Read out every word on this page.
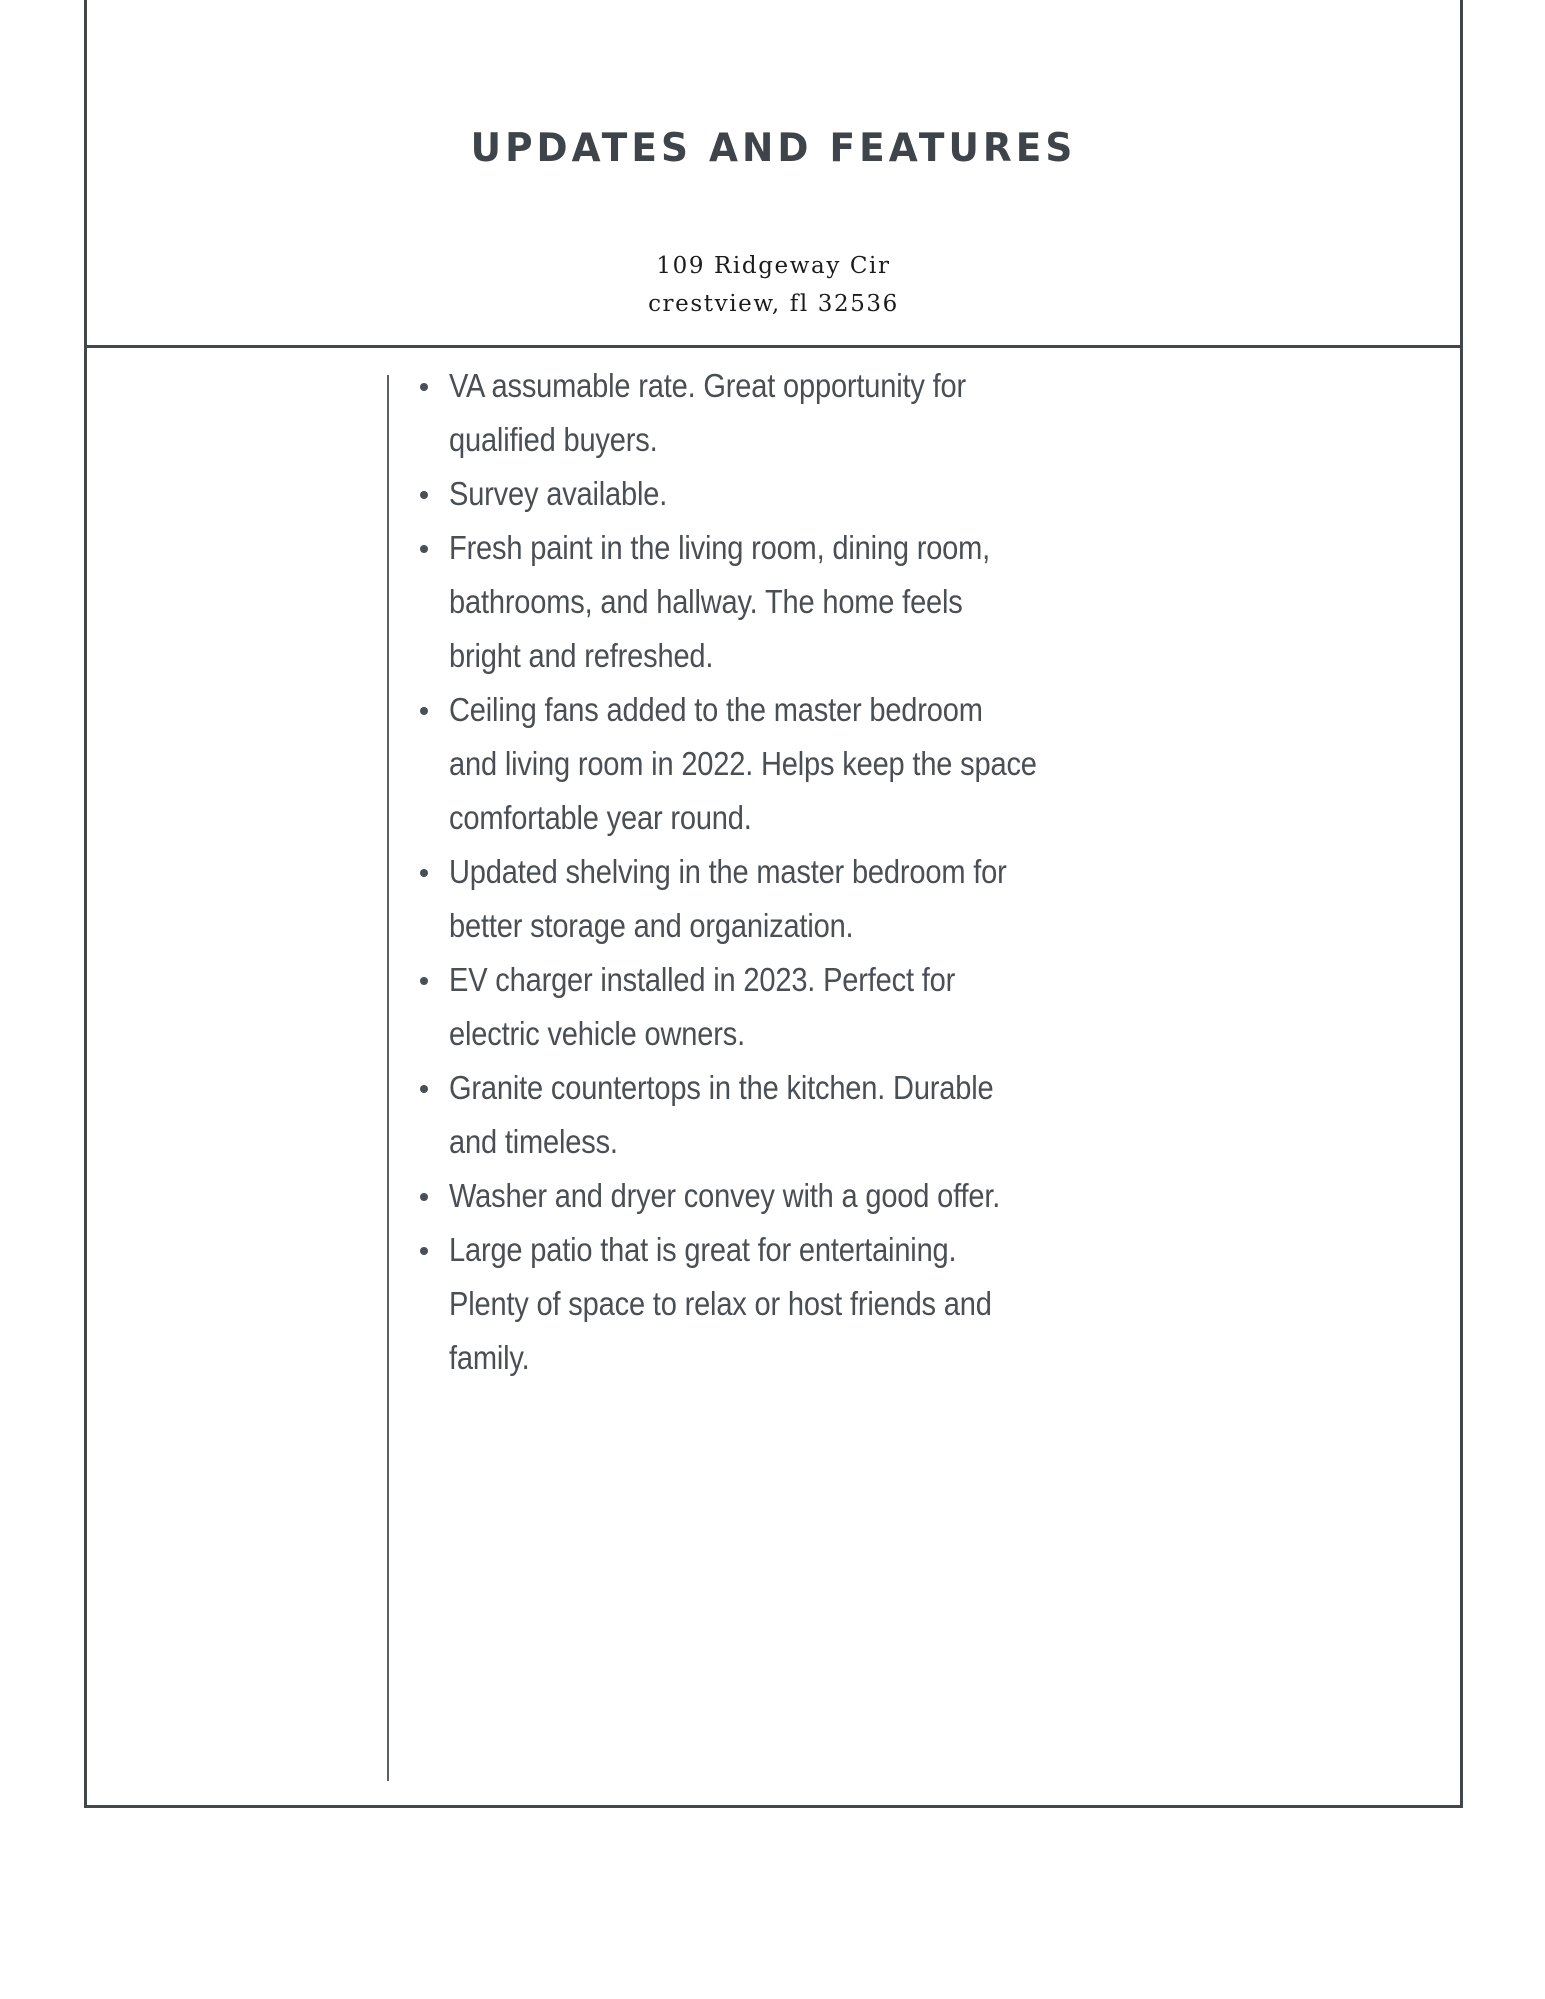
UPDATES AND FEATURES
109 Ridgeway Cir
crestview, fl 32536
VA assumable rate. Great opportunity for qualified buyers.
Survey available.
Fresh paint in the living room, dining room, bathrooms, and hallway. The home feels bright and refreshed.
Ceiling fans added to the master bedroom and living room in 2022. Helps keep the space comfortable year round.
Updated shelving in the master bedroom for better storage and organization.
EV charger installed in 2023. Perfect for electric vehicle owners.
Granite countertops in the kitchen. Durable and timeless.
Washer and dryer convey with a good offer.
Large patio that is great for entertaining. Plenty of space to relax or host friends and family.
